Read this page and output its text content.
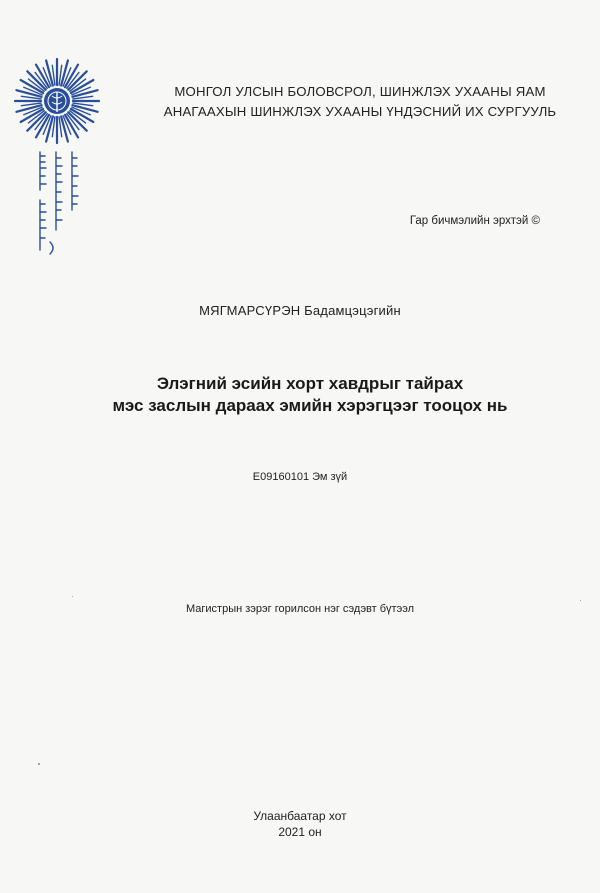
МОНГОЛ УЛСЫН БОЛОВСРОЛ, ШИНЖЛЭХ УХААНЫ ЯАМ
АНАГААХЫН ШИНЖЛЭХ УХААНЫ ҮНДЭСНИЙ ИХ СУРГУУЛЬ
Гар бичмэлийн эрхтэй ©
МЯГМАРСҮРЭН Бадамцэцэгийн
Элэгний эсийн хорт хавдрыг тайрах
мэс заслын дараах эмийн хэрэгцээг тооцох нь
E09160101 Эм зүй
Магистрын зэрэг горилсон нэг сэдэвт бүтээл
Улаанбаатар хот
2021 он
